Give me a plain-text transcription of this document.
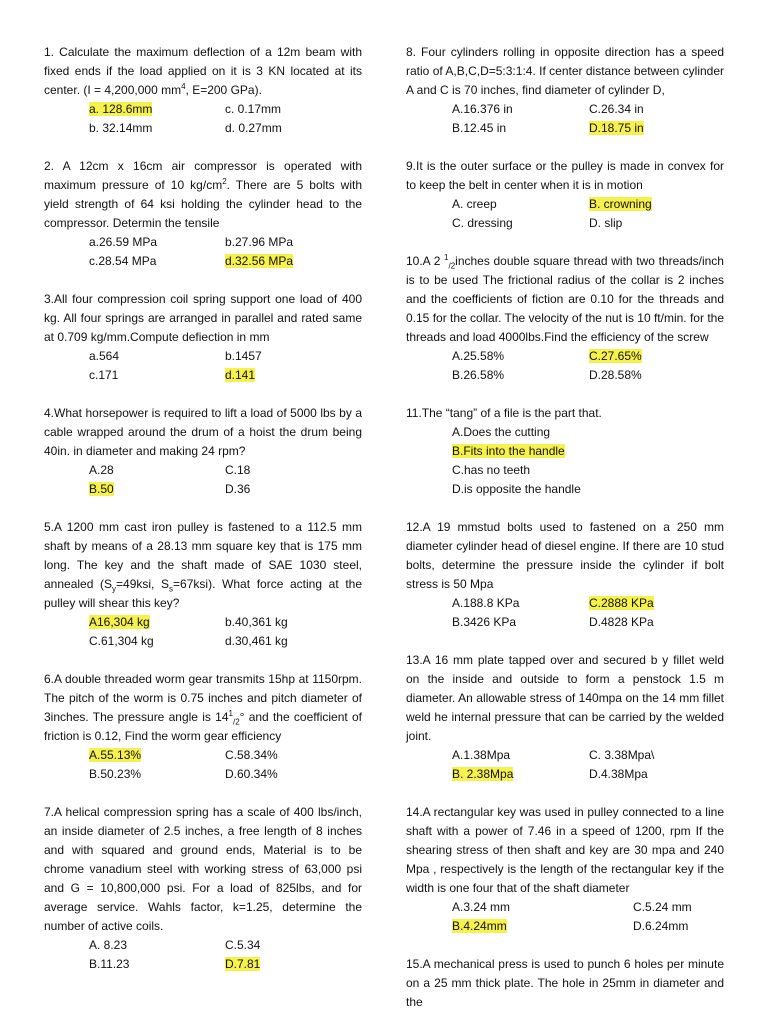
1. Calculate the maximum deflection of a 12m beam with fixed ends if the load applied on it is 3 KN located at its center. (I = 4,200,000 $mm^4$, E=200 GPa).
a. 128.6mm	c. 0.17mm
b. 32.14mm	d. 0.27mm
2. A 12cm x 16cm air compressor is operated with maximum pressure of 10 $kg/cm^2$. There are 5 bolts with yield strength of 64 ksi holding the cylinder head to the compressor. Determin the tensile
a.26.59 MPa	b.27.96 MPa
c.28.54 MPa	d.32.56 MPa
3.All four compression coil spring support one load of 400 kg. All four springs are arranged in parallel and rated same at 0.709 kg/mm.Compute defiection in mm
a.564	b.1457
c.171	d.141
4.What horsepower is required to lift a load of 5000 lbs by a cable wrapped around the drum of a hoist the drum being 40in. in diameter and making 24 rpm?
A.28	C.18
B.50	D.36
5.A 1200 mm cast iron pulley is fastened to a 112.5 mm shaft by means of a 28.13 mm square key that is 175 mm long. The key and the shaft made of SAE 1030 steel, annealed ($S_y=49ksi$, $S_s=67ksi$). What force acting at the pulley will shear this key?
A16,304 kg	b.40,361 kg
C.61,304 kg	d.30,461 kg
6.A double threaded worm gear transmits 15hp at 1150rpm. The pitch of the worm is 0.75 inches and pitch diameter of 3inches. The pressure angle is $14^1_{/2}^\circ$ and the coefficient of friction is 0.12, Find the worm gear efficiency
A.55.13%	C.58.34%
B.50.23%	D.60.34%
7.A helical compression spring has a scale of 400 lbs/inch, an inside diameter of 2.5 inches, a free length of 8 inches and with squared and ground ends, Material is to be chrome vanadium steel with working stress of 63,000 psi and G = 10,800,000 psi. For a load of 825lbs, and for average service. Wahls factor, k=1.25, determine the number of active coils.
A. 8.23	C.5.34
B.11.23	D.7.81
8. Four cylinders rolling in opposite direction has a speed ratio of A,B,C,D=5:3:1:4. If center distance between cylinder A and C is 70 inches, find diameter of cylinder D,
A.16.376 in	C.26.34 in
B.12.45 in	D.18.75 in
9.It is the outer surface or the pulley is made in convex for to keep the belt in center when it is in motion
A. creep	B. crowning
C. dressing	D. slip
10.A 2 $^1_{/2}$inches double square thread with two threads/inch is to be used The frictional radius of the collar is 2 inches and the coefficients of fiction are 0.10 for the threads and 0.15 for the collar. The velocity of the nut is 10 ft/min. for the threads and load 4000lbs.Find the efficiency of the screw
A.25.58%	C.27.65%
B.26.58%	D.28.58%
11.The “tang” of a file is the part that.
A.Does the cutting
B.Fits into the handle
C.has no teeth
D.is opposite the handle
12.A 19 mmstud bolts used to fastened on a 250 mm diameter cylinder head of diesel engine. If there are 10 stud bolts, determine the pressure inside the cylinder if bolt stress is 50 Mpa
A.188.8 KPa	C.2888 KPa
B.3426 KPa	D.4828 KPa
13.A 16 mm plate tapped over and secured b y fillet weld on the inside and outside to form a penstock 1.5 m diameter. An allowable stress of 140mpa on the 14 mm fillet weld he internal pressure that can be carried by the welded joint.
A.1.38Mpa	C. 3.38Mpa\
B. 2.38Mpa	D.4.38Mpa
14.A rectangular key was used in pulley connected to a line shaft with a power of 7.46 in a speed of 1200, rpm If the shearing stress of then shaft and key are 30 mpa and 240 Mpa , respectively is the length of the rectangular key if the width is one four that of the shaft diameter
A.3.24 mm	C.5.24 mm
B.4.24mm	D.6.24mm
15.A mechanical press is used to punch 6 holes per minute on a 25 mm thick plate. The hole in 25mm in diameter and the
